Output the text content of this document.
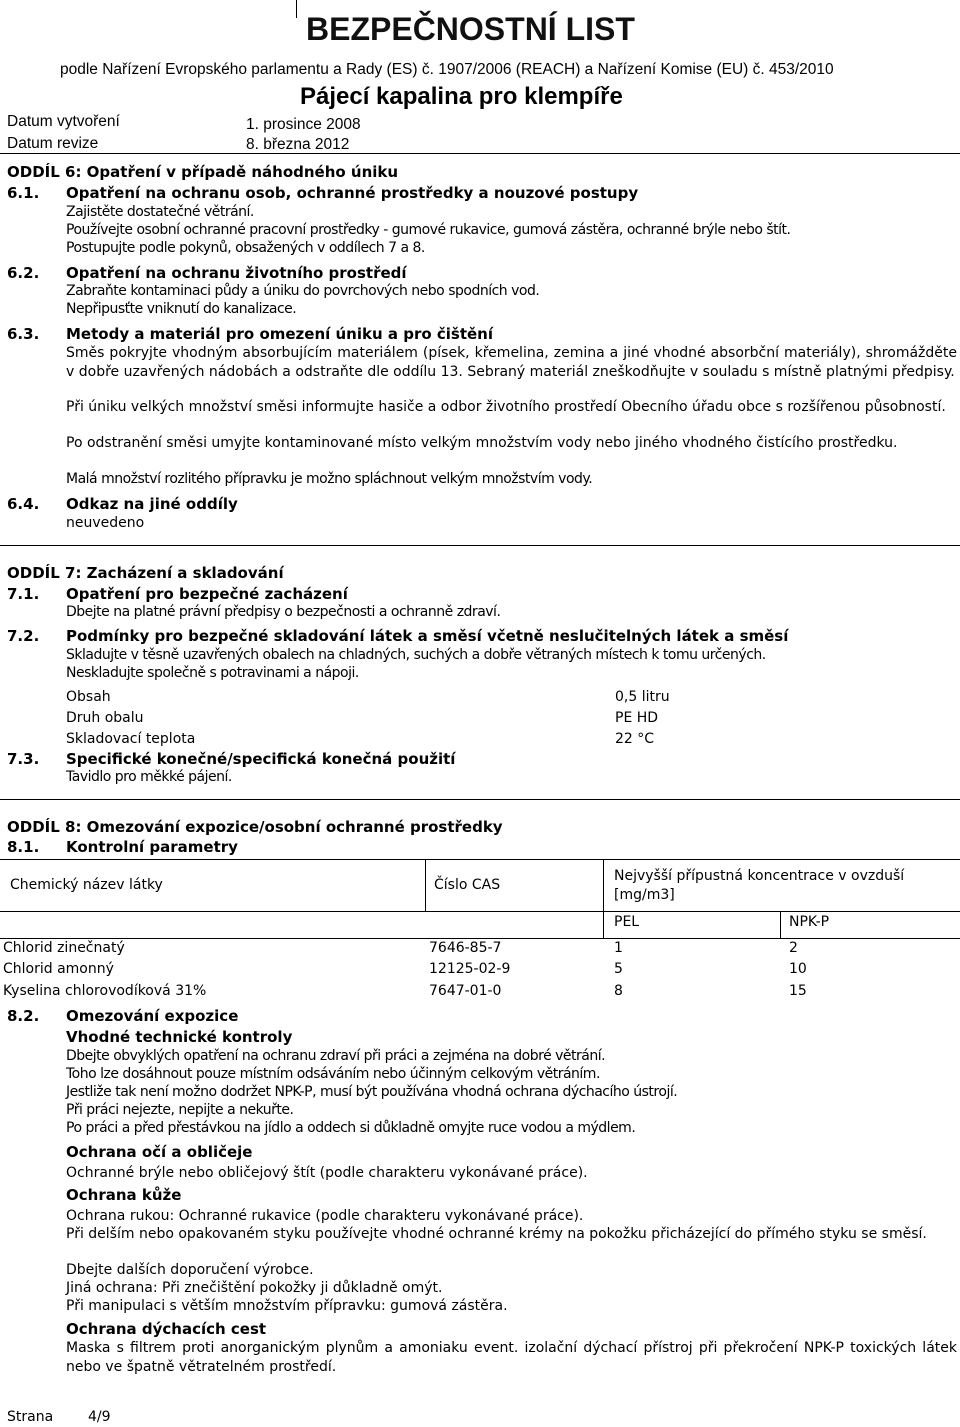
BEZPEČNOSTNÍ LIST
podle Nařízení Evropského parlamentu a Rady (ES) č. 1907/2006 (REACH) a Nařízení Komise (EU) č. 453/2010
Pájecí kapalina pro klempíře
Datum vytvoření	1. prosince 2008
Datum revize	8. března 2012
ODDÍL 6: Opatření v případě náhodného úniku
6.1. Opatření na ochranu osob, ochranné prostředky a nouzové postupy
Zajistěte dostatečné větrání.
Používejte osobní ochranné pracovní prostředky - gumové rukavice, gumová zástěra, ochranné brýle nebo štít.
Postupujte podle pokynů, obsažených v oddílech 7 a 8.
6.2. Opatření na ochranu životního prostředí
Zabraňte kontaminaci půdy a úniku do povrchových nebo spodních vod.
Nepřipusťte vniknutí do kanalizace.
6.3. Metody a materiál pro omezení úniku a pro čištění
Směs pokryjte vhodným absorbujícím materiálem (písek, křemelina, zemina a jiné vhodné absorbční materiály), shromážděte v dobře uzavřených nádobách a odstraňte dle oddílu 13. Sebraný materiál zneškodňujte v souladu s místně platnými předpisy.
Při úniku velkých množství směsi informujte hasiče a odbor životního prostředí Obecního úřadu obce s rozšířenou působností.
Po odstranění směsi umyjte kontaminované místo velkým množstvím vody nebo jiného vhodného čistícího prostředku.
Malá množství rozlitého přípravku je možno spláchnout velkým množstvím vody.
6.4. Odkaz na jiné oddíly
neuvedeno
ODDÍL 7: Zacházení a skladování
7.1. Opatření pro bezpečné zacházení
Dbejte na platné právní předpisy o bezpečnosti a ochranně zdraví.
7.2. Podmínky pro bezpečné skladování látek a směsí včetně neslučitelných látek a směsí
Skladujte v těsně uzavřených obalech na chladných, suchých a dobře větraných místech k tomu určených.
Neskladujte společně s potravinami a nápoji.
Obsah	0,5 litru
Druh obalu	PE HD
Skladovací teplota	22 °C
7.3. Specifické konečné/specifická konečná použití
Tavidlo pro měkké pájení.
ODDÍL 8: Omezování expozice/osobní ochranné prostředky
8.1. Kontrolní parametry
Chemický název látky	Číslo CAS
Nejvyšší přípustná koncentrace v ovzduší [mg/m3]
PEL	NPK-P
Chlorid zinečnatý	7646-85-7	1	2
Chlorid amonný	12125-02-9	5	10
Kyselina chlorovodíková 31%	7647-01-0	8	15
8.2. Omezování expozice
Vhodné technické kontroly
Dbejte obvyklých opatření na ochranu zdraví při práci a zejména na dobré větrání.
Toho lze dosáhnout pouze místním odsáváním nebo účinným celkovým větráním.
Jestliže tak není možno dodržet NPK-P, musí být používána vhodná ochrana dýchacího ústrojí.
Při práci nejezte, nepijte a nekuřte.
Po práci a před přestávkou na jídlo a oddech si důkladně omyjte ruce vodou a mýdlem.
Ochrana očí a obličeje
Ochranné brýle nebo obličejový štít (podle charakteru vykonávané práce).
Ochrana kůže
Ochrana rukou: Ochranné rukavice (podle charakteru vykonávané práce).
Při delším nebo opakovaném styku používejte vhodné ochranné krémy na pokožku přicházející do přímého styku se směsí.
Dbejte dalších doporučení výrobce.
Jiná ochrana: Při znečištění pokožky ji důkladně omýt.
Při manipulaci s větším množstvím přípravku: gumová zástěra.
Ochrana dýchacích cest
Maska s filtrem proti anorganickým plynům a amoniaku event. izolační dýchací přístroj při překročení NPK-P toxických látek nebo ve špatně větratelném prostředí.
Strana 4/9
